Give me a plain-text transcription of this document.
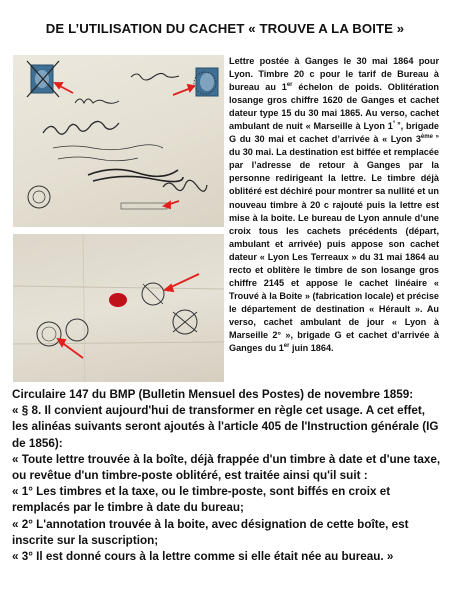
DE L’UTILISATION DU CACHET « TROUVE A LA BOITE »
Lettre postée à Ganges le 30 mai 1864 pour Lyon. Timbre 20 c pour le tarif de Bureau à bureau au 1er échelon de poids. Oblitération losange gros chiffre 1620 de Ganges et cachet dateur type 15 du 30 mai 1865. Au verso, cachet ambulant de nuit « Marseille à Lyon 1° », brigade G du 30 mai et cachet d’arrivée à « Lyon $3^{ème »}$ du 30 mai. La destination est biffée et remplacée par l’adresse de retour à Ganges par la personne redirigeant la lettre. Le timbre déjà oblitéré est déchiré pour montrer sa nullité et un nouveau timbre à 20 c rajouté puis la lettre est mise à la boite. Le bureau de Lyon annule d’une croix tous les cachets précédents (départ, ambulant et arrivée) puis appose son cachet dateur « Lyon Les Terreaux » du 31 mai 1864 au recto et oblitère le timbre de son losange gros chiffre 2145 et appose le cachet linéaire « Trouvé à la Boite » (fabrication locale) et précise le département de destination « Hérault ». Au verso, cachet ambulant de jour « Lyon à Marseille 2° », brigade G et cachet d’arrivée à Ganges du 1er juin 1864.

Circulaire 147 du BMP (Bulletin Mensuel des Postes) de novembre 1859:

« § 8. Il convient aujourd'hui de transformer en règle cet usage. A cet effet, les alinéas suivants seront ajoutés à l'article 405 de l'Instruction générale (IG de 1856):

« Toute lettre trouvée à la boîte, déjà frappée d'un timbre à date et d'une taxe, ou revêtue d'un timbre-poste oblitéré, est traitée ainsi qu'il suit :

« 1° Les timbres et la taxe, ou le timbre-poste, sont biffés en croix et remplacés par le timbre à date du bureau;

« 2° L'annotation trouvée à la boite, avec désignation de cette boîte, est inscrite sur la suscription;

« 3° Il est donné cours à la lettre comme si elle était née au bureau. »
